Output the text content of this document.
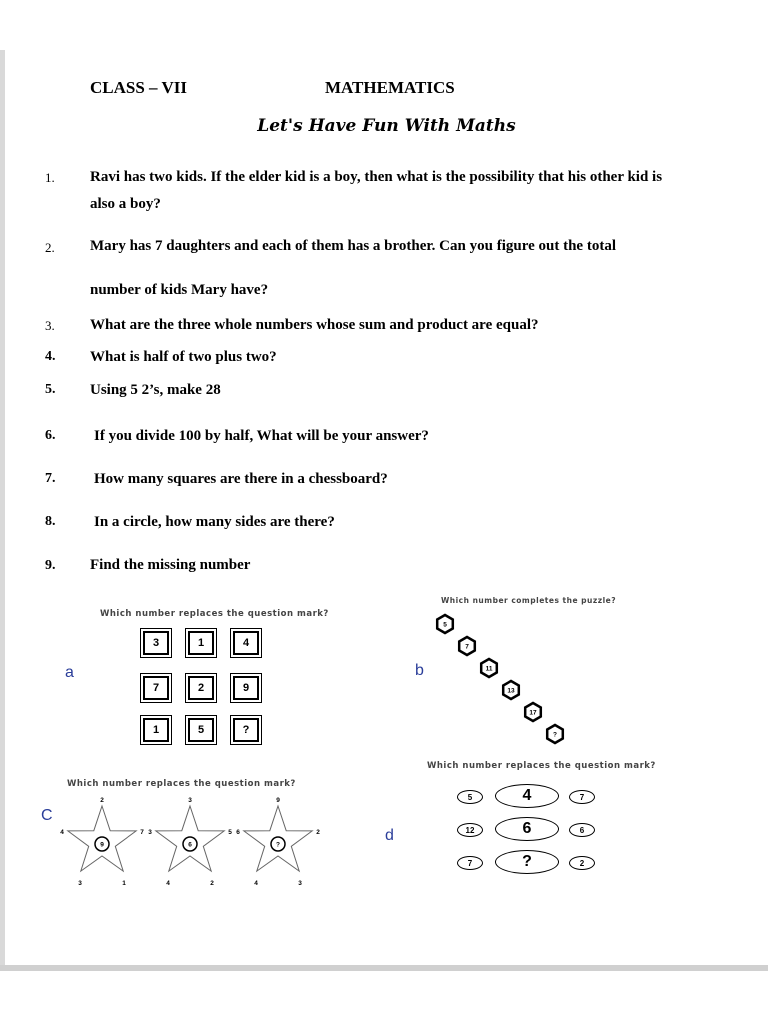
CLASS – VII	MATHEMATICS
Let's Have Fun With Maths
1. Ravi has two kids. If the elder kid is a boy, then what is the possibility that his other kid is
also a boy?
2. Mary has 7 daughters and each of them has a brother. Can you figure out the total
number of kids Mary have?
3. What are the three whole numbers whose sum and product are equal?
4. What is half of two plus two?
5. Using 5 2’s, make 28
6.	If you divide 100 by half, What will be your answer?
7.	How many squares are there in a chessboard?
8.	In a circle, how many sides are there?
9. Find the missing number
Which number replaces the question mark?
a
3	1	4
7	2	9
1	5	?
Which number completes the puzzle?
b
5
7
11
13
17
?
Which number replaces the question mark?
C
9
2
4	7
3	1
6
3
3	5
4	2
?
9
6	2
4	3
Which number replaces the question mark?
d
5	4	7
12	6	6
7	?	2
